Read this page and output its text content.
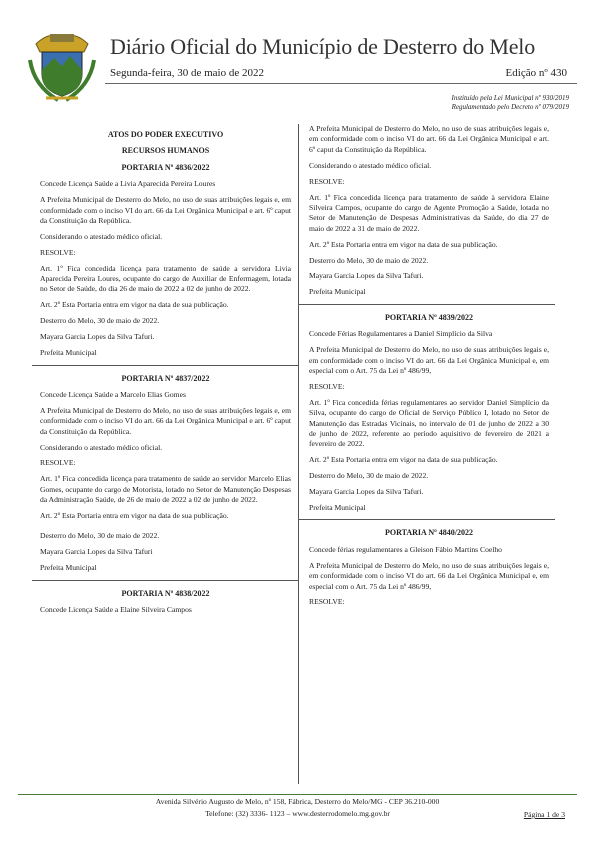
Diário Oficial do Município de Desterro do Melo
Segunda-feira, 30 de maio de 2022	Edição nº 430
Instituído pela Lei Municipal nº 930/2019
Regulamentado pelo Decreto nº 079/2019
ATOS DO PODER EXECUTIVO
RECURSOS HUMANOS
PORTARIA Nº 4836/2022

Concede Licença Saúde a Livia Aparecida Pereira Loures

A Prefeita Municipal de Desterro do Melo, no uso de suas atribuições legais e, em conformidade com o inciso VI do art. 66 da Lei Orgânica Municipal e art. 6º caput da Constituição da República.

Considerando o atestado médico oficial.

RESOLVE:

Art. 1º Fica concedida licença para tratamento de saúde a servidora Livia Aparecida Pereira Loures, ocupante do cargo de Auxiliar de Enfermagem, lotada no Setor de Saúde, do dia 26 de maio de 2022 a 02 de junho de 2022.

Art. 2º Esta Portaria entra em vigor na data de sua publicação.

Desterro do Melo, 30 de maio de 2022.

Mayara Garcia Lopes da Silva Tafuri.

Prefeita Municipal

PORTARIA Nº 4837/2022

Concede Licença Saúde a Marcelo Elias Gomes

A Prefeita Municipal de Desterro do Melo, no uso de suas atribuições legais e, em conformidade com o inciso VI do art. 66 da Lei Orgânica Municipal e art. 6º caput da Constituição da República.

Considerando o atestado médico oficial.

RESOLVE:

Art. 1º Fica concedida licença para tratamento de saúde ao servidor Marcelo Elias Gomes, ocupante do cargo de Motorista, lotado no Setor de Manutenção Despesas da Administração Saúde, de 26 de maio de 2022 a 02 de junho de 2022.

Art. 2º Esta Portaria entra em vigor na data de sua publicação.

Desterro do Melo, 30 de maio de 2022.

Mayara Garcia Lopes da Silva Tafuri

Prefeita Municipal

PORTARIA Nº 4838/2022

Concede Licença Saúde a Elaine Silveira Campos

A Prefeita Municipal de Desterro do Melo, no uso de suas atribuições legais e, em conformidade com o inciso VI do art. 66 da Lei Orgânica Municipal e art. 6º caput da Constituição da República.

Considerando o atestado médico oficial.

RESOLVE:

Art. 1º Fica concedida licença para tratamento de saúde à servidora Elaine Silveira Campos, ocupante do cargo de Agente Promoção a Saúde, lotada no Setor de Manutenção de Despesas Administrativas da Saúde, do dia 27 de maio de 2022 a 31 de maio de 2022.

Art. 2º Esta Portaria entra em vigor na data de sua publicação.

Desterro do Melo, 30 de maio de 2022.

Mayara Garcia Lopes da Silva Tafuri.

Prefeita Municipal

PORTARIA Nº 4839/2022

Concede Férias Regulamentares a Daniel Simplício da Silva

A Prefeita Municipal de Desterro do Melo, no uso de suas atribuições legais e, em conformidade com o inciso VI do art. 66 da Lei Orgânica Municipal e, em especial com o Art. 75 da Lei nº 486/99,

RESOLVE:

Art. 1º Fica concedida férias regulamentares ao servidor Daniel Simplício da Silva, ocupante do cargo de Oficial de Serviço Público I, lotado no Setor de Manutenção das Estradas Vicinais, no intervalo de 01 de junho de 2022 a 30 de junho de 2022, referente ao período aquisitivo de fevereiro de 2021 a fevereiro de 2022.

Art. 2º Esta Portaria entra em vigor na data de sua publicação.

Desterro do Melo, 30 de maio de 2022.

Mayara Garcia Lopes da Silva Tafuri.

Prefeita Municipal

PORTARIA Nº 4840/2022

Concede férias regulamentares a Gleison Fábio Martins Coelho

A Prefeita Municipal de Desterro do Melo, no uso de suas atribuições legais e, em conformidade com o inciso VI do art. 66 da Lei Orgânica Municipal e, em especial com o Art. 75 da Lei nº 486/99,

RESOLVE:

Avenida Silvério Augusto de Melo, nº 158, Fábrica, Desterro do Melo/MG - CEP 36.210-000
Telefone: (32) 3336- 1123 – www.desterrodomelo.mg.gov.br	Página 1 de 3
